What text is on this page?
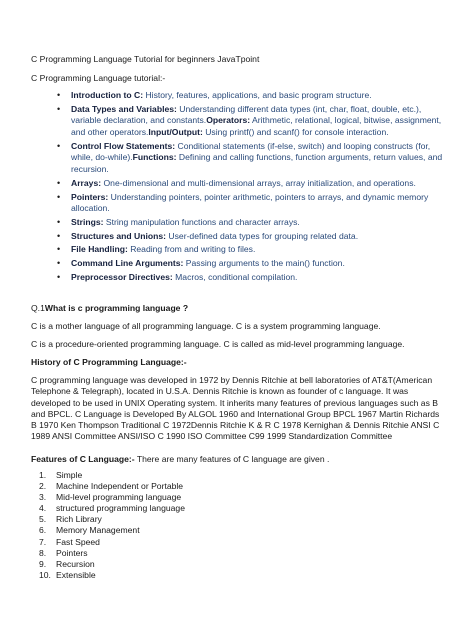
C Programming Language Tutorial for beginners JavaTpoint
C Programming Language tutorial:-
• Introduction to C: History, features, applications, and basic program structure.
• Data Types and Variables: Understanding different data types (int, char, float, double, etc.), variable declaration, and constants.Operators: Arithmetic, relational, logical, bitwise, assignment, and other operators.Input/Output: Using printf() and scanf() for console interaction.
• Control Flow Statements: Conditional statements (if-else, switch) and looping constructs (for, while, do-while).Functions: Defining and calling functions, function arguments, return values, and recursion.
• Arrays: One-dimensional and multi-dimensional arrays, array initialization, and operations.
• Pointers: Understanding pointers, pointer arithmetic, pointers to arrays, and dynamic memory allocation.
• Strings: String manipulation functions and character arrays.
• Structures and Unions: User-defined data types for grouping related data.
• File Handling: Reading from and writing to files.
• Command Line Arguments: Passing arguments to the main() function.
• Preprocessor Directives: Macros, conditional compilation.
Q.1What is c programming language ?
C is a mother language of all programming language. C is a system programming language.
C is a procedure-oriented programming language. C is called as mid-level programming language.
History of C Programming Language:-
C programming language was developed in 1972 by Dennis Ritchie at bell laboratories of AT&T(American Telephone & Telegraph), located in U.S.A. Dennis Ritchie is known as founder of c language. It was developed to be used in UNIX Operating system. It inherits many features of previous languages such as B and BPCL. C Language is Developed By ALGOL 1960 and International Group BPCL 1967 Martin Richards B 1970 Ken Thompson Traditional C 1972Dennis Ritchie K & R C 1978 Kernighan & Dennis Ritchie ANSI C 1989 ANSI Committee ANSI/ISO C 1990 ISO Committee C99 1999 Standardization Committee
Features of C Language:- There are many features of C language are given .
1.	Simple
2.	Machine Independent or Portable
3.	Mid-level programming language
4.	structured programming language
5.	Rich Library
6.	Memory Management
7.	Fast Speed
8.	Pointers
9.	Recursion
10. Extensible
